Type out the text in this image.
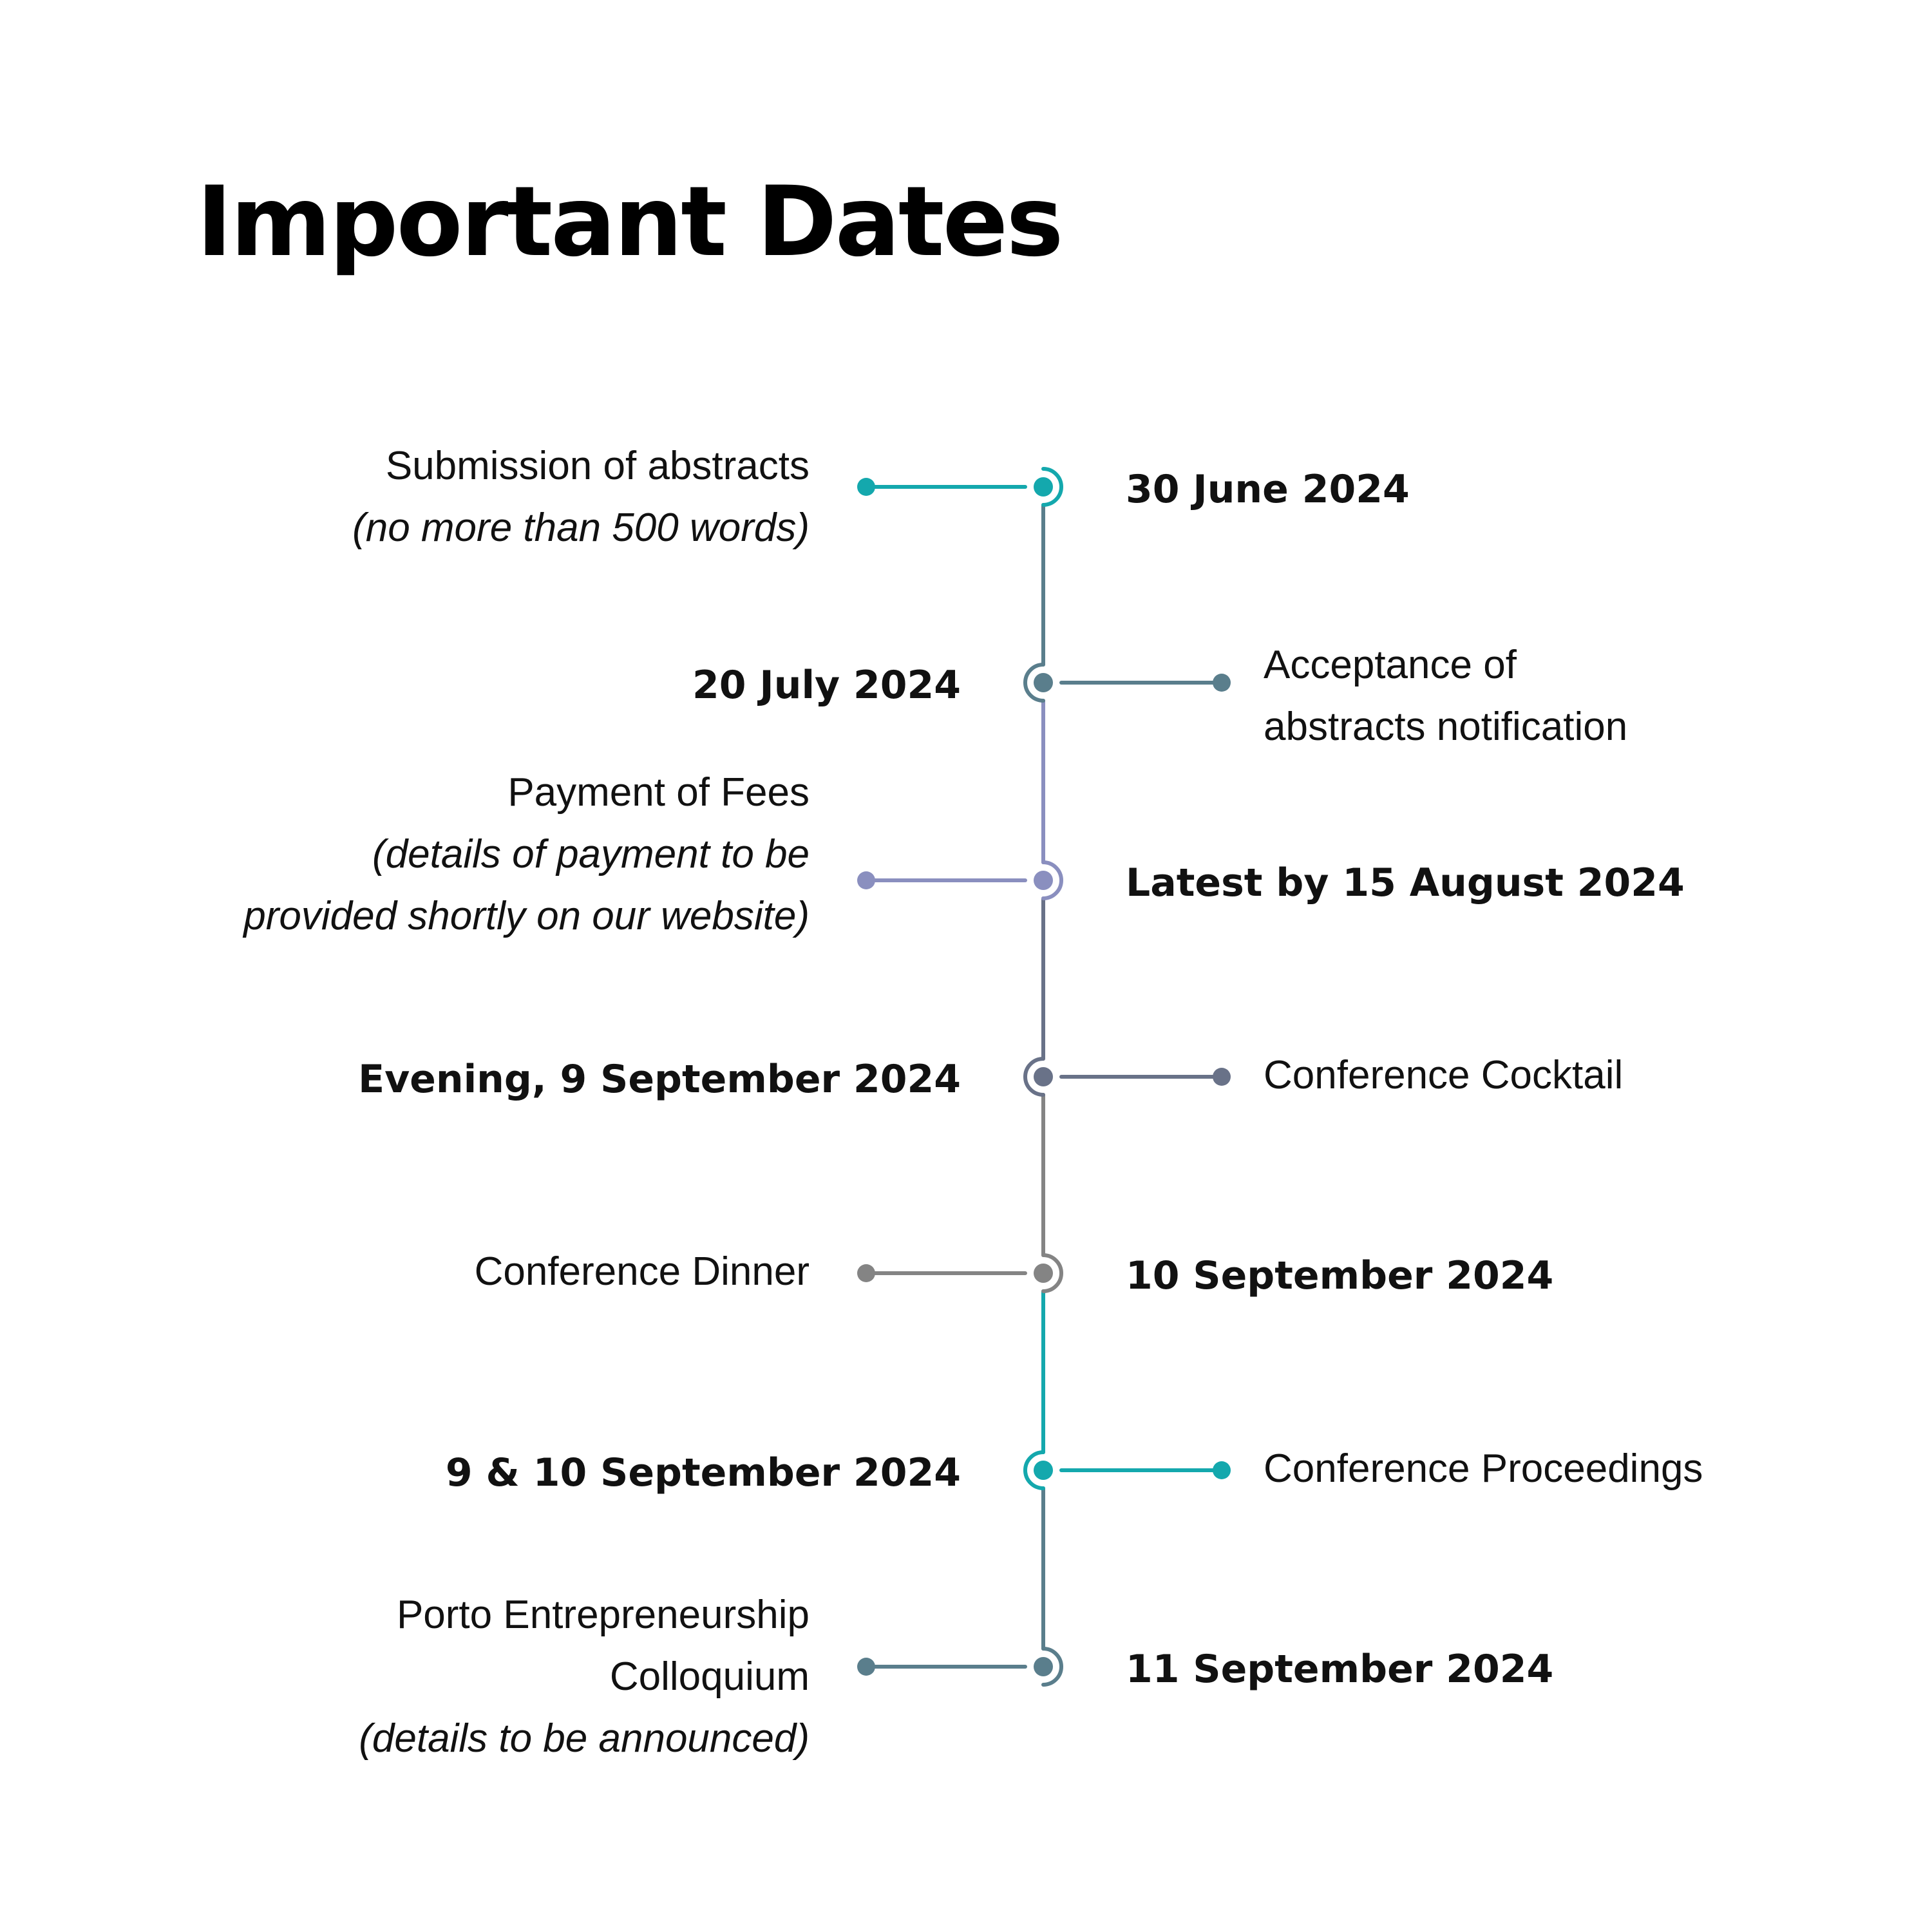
Important Dates
Submission of abstracts
(no more than 500 words)
30 June 2024
Acceptance of
abstracts notification
20 July 2024
Payment of Fees
(details of payment to be
provided shortly on our website)
Latest by 15 August 2024
Conference Cocktail
Evening, 9 September 2024
Conference Dinner	10 September 2024
Conference Proceedings
9 & 10 September 2024
Porto Entrepreneurship
Colloquium
(details to be announced)
11 September 2024
